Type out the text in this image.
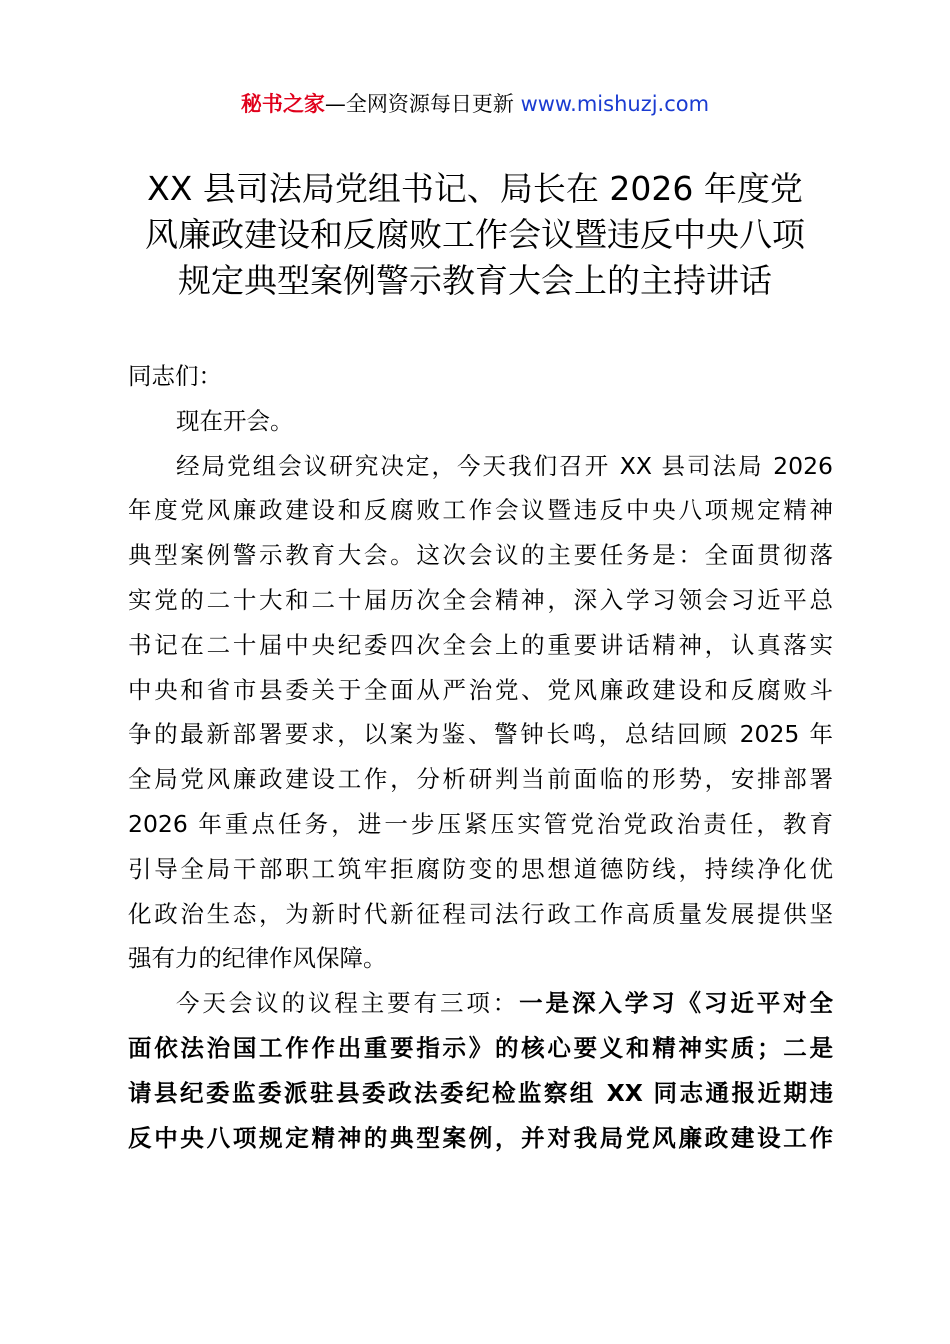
秘书之家—全网资源每日更新 www.mishuzj.com
XX 县司法局党组书记、局长在 2026 年度党
风廉政建设和反腐败工作会议暨违反中央八项
规定典型案例警示教育大会上的主持讲话
同志们：
现在开会。
经局党组会议研究决定，今天我们召开 XX 县司法局 2026
年度党风廉政建设和反腐败工作会议暨违反中央八项规定精神
典型案例警示教育大会。这次会议的主要任务是：全面贯彻落
实党的二十大和二十届历次全会精神，深入学习领会习近平总
书记在二十届中央纪委四次全会上的重要讲话精神，认真落实
中央和省市县委关于全面从严治党、党风廉政建设和反腐败斗
争的最新部署要求，以案为鉴、警钟长鸣，总结回顾 2025 年
全局党风廉政建设工作，分析研判当前面临的形势，安排部署
2026 年重点任务，进一步压紧压实管党治党政治责任，教育
引导全局干部职工筑牢拒腐防变的思想道德防线，持续净化优
化政治生态，为新时代新征程司法行政工作高质量发展提供坚
强有力的纪律作风保障。
今天会议的议程主要有三项：一是深入学习《习近平对全
面依法治国工作作出重要指示》的核心要义和精神实质；二是
请县纪委监委派驻县委政法委纪检监察组 XX 同志通报近期违
反中央八项规定精神的典型案例，并对我局党风廉政建设工作
